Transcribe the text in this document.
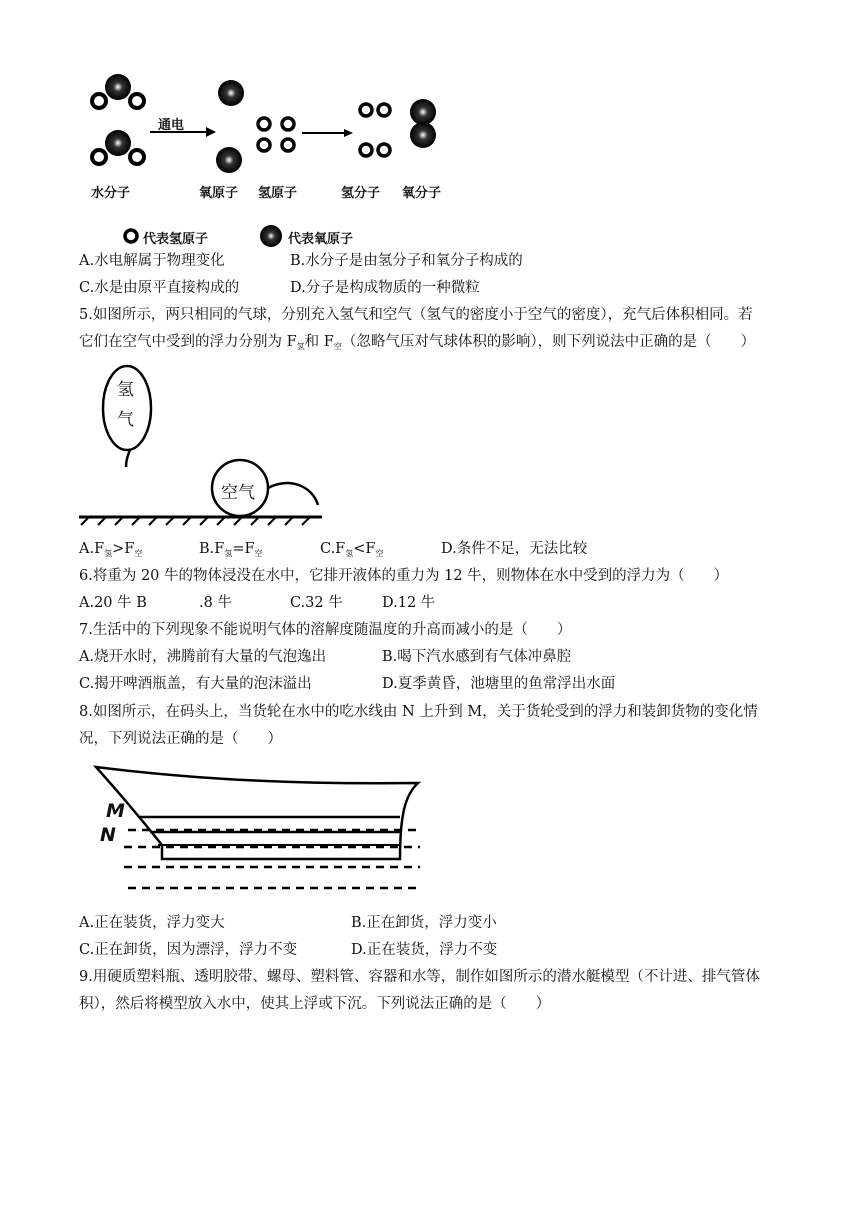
通电
水分子	氧原子 氢原子	氢分子 氧分子
代表氢原子	代表氧原子
A.水电解属于物理变化	B.水分子是由氢分子和氧分子构成的
C.水是由原平直接构成的	D.分子是构成物质的一种微粒
5.如图所示，两只相同的气球，分别充入氢气和空气（氢气的密度小于空气的密度），充气后体积相同。若
它们在空气中受到的浮力分别为 $F_氢$和 $F_空$（忽略气压对气球体积的影响），则下列说法中正确的是（　　）
氢
气
空气
$A.F_氢>F_空$	$B.F_氢=F_空$	$C.F_氢<F_空$	D.条件不足，无法比较
6.将重为 20 牛的物体浸没在水中，它排开液体的重力为 12 牛，则物体在水中受到的浮力为（　　）
A.20 牛 B	.8 牛	C.32 牛	D.12 牛
7.生活中的下列现象不能说明气体的溶解度随温度的升高而减小的是（　　）
A.烧开水时，沸腾前有大量的气泡逸出	B.喝下汽水感到有气体冲鼻腔
C.揭开啤酒瓶盖，有大量的泡沫溢出	D.夏季黄昏，池塘里的鱼常浮出水面
8.如图所示，在码头上，当货轮在水中的吃水线由 N 上升到 M，关于货轮受到的浮力和装卸货物的变化情
况，下列说法正确的是（　　）
M
N
A.正在装货，浮力变大	B.正在卸货，浮力变小
C.正在卸货，因为漂浮，浮力不变	D.正在装货，浮力不变
9.用硬质塑料瓶、透明胶带、螺母、塑料管、容器和水等，制作如图所示的潜水艇模型（不计进、排气管体
积），然后将模型放入水中，使其上浮或下沉。下列说法正确的是（　　）
